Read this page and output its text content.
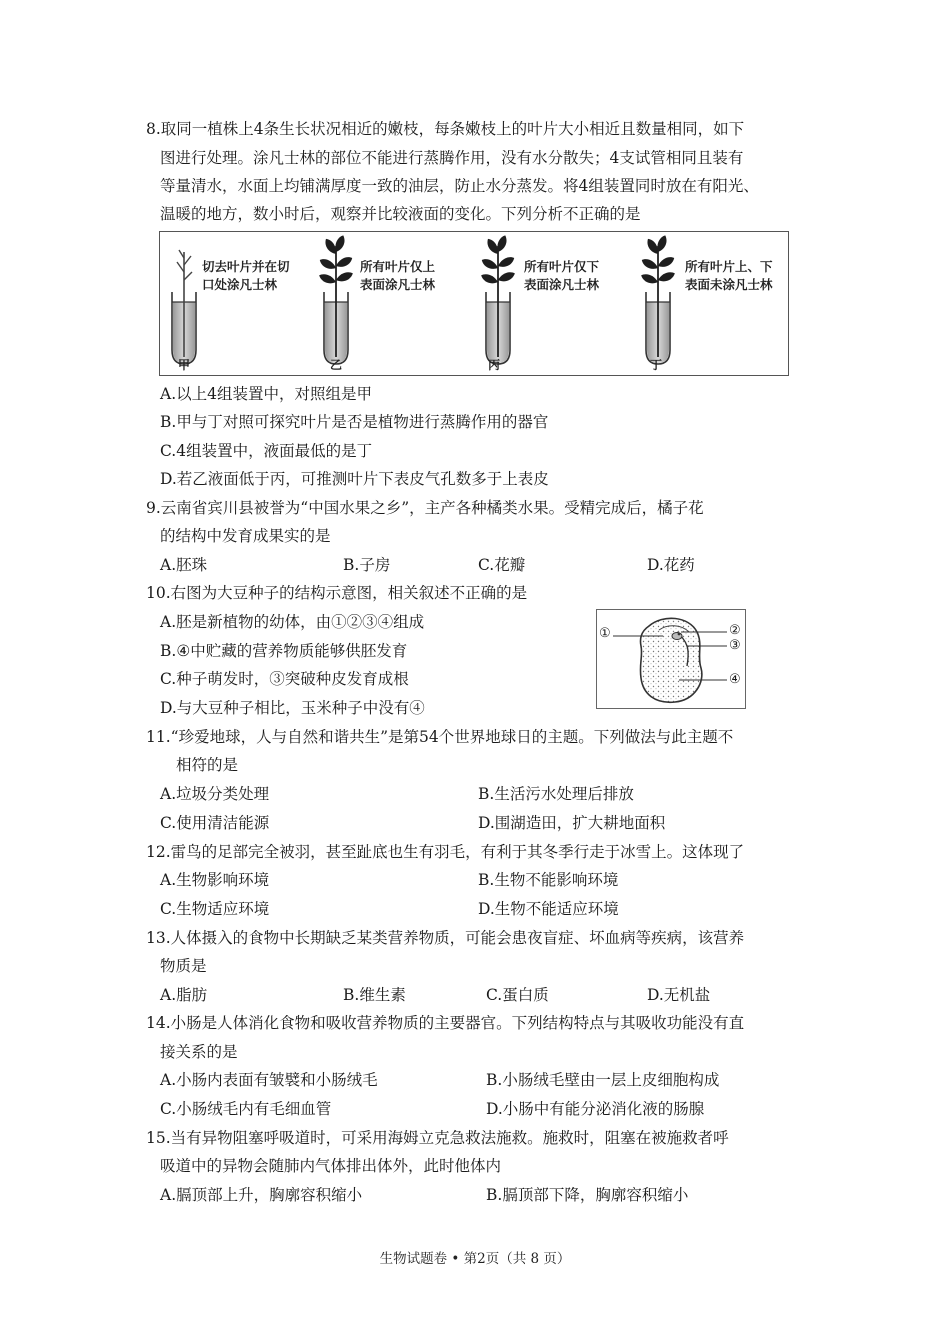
8.取同一植株上4条生长状况相近的嫩枝，每条嫩枝上的叶片大小相近且数量相同，如下
图进行处理。涂凡士林的部位不能进行蒸腾作用，没有水分散失；4支试管相同且装有
等量清水，水面上均铺满厚度一致的油层，防止水分蒸发。将4组装置同时放在有阳光、
温暖的地方，数小时后，观察并比较液面的变化。下列分析不正确的是
切去叶片并在切
口处涂凡士林
甲
所有叶片仅上
表面涂凡士林
乙
所有叶片仅下
表面涂凡士林
丙
所有叶片上、下
表面未涂凡士林
丁
A.以上4组装置中，对照组是甲
B.甲与丁对照可探究叶片是否是植物进行蒸腾作用的器官
C.4组装置中，液面最低的是丁
D.若乙液面低于丙，可推测叶片下表皮气孔数多于上表皮
9.云南省宾川县被誉为“中国水果之乡”，主产各种橘类水果。受精完成后，橘子花
的结构中发育成果实的是
A.胚珠	B.子房	C.花瓣	D.花药
10.右图为大豆种子的结构示意图，相关叙述不正确的是
A.胚是新植物的幼体，由①②③④组成
B.④中贮藏的营养物质能够供胚发育
C.种子萌发时，③突破种皮发育成根
D.与大豆种子相比，玉米种子中没有④
①	②
③
④
11.“珍爱地球，人与自然和谐共生”是第54个世界地球日的主题。下列做法与此主题不
相符的是
A.垃圾分类处理	B.生活污水处理后排放
C.使用清洁能源	D.围湖造田，扩大耕地面积
12.雷鸟的足部完全被羽，甚至趾底也生有羽毛，有利于其冬季行走于冰雪上。这体现了
A.生物影响环境	B.生物不能影响环境
C.生物适应环境	D.生物不能适应环境
13.人体摄入的食物中长期缺乏某类营养物质，可能会患夜盲症、坏血病等疾病，该营养
物质是
A.脂肪	B.维生素	C.蛋白质	D.无机盐
14.小肠是人体消化食物和吸收营养物质的主要器官。下列结构特点与其吸收功能没有直
接关系的是
A.小肠内表面有皱襞和小肠绒毛	B.小肠绒毛壁由一层上皮细胞构成
C.小肠绒毛内有毛细血管	D.小肠中有能分泌消化液的肠腺
15.当有异物阻塞呼吸道时，可采用海姆立克急救法施救。施救时，阻塞在被施救者呼
吸道中的异物会随肺内气体排出体外，此时他体内
A.膈顶部上升，胸廓容积缩小	B.膈顶部下降，胸廓容积缩小
生物试题卷 • 第2页（共 8 页）
